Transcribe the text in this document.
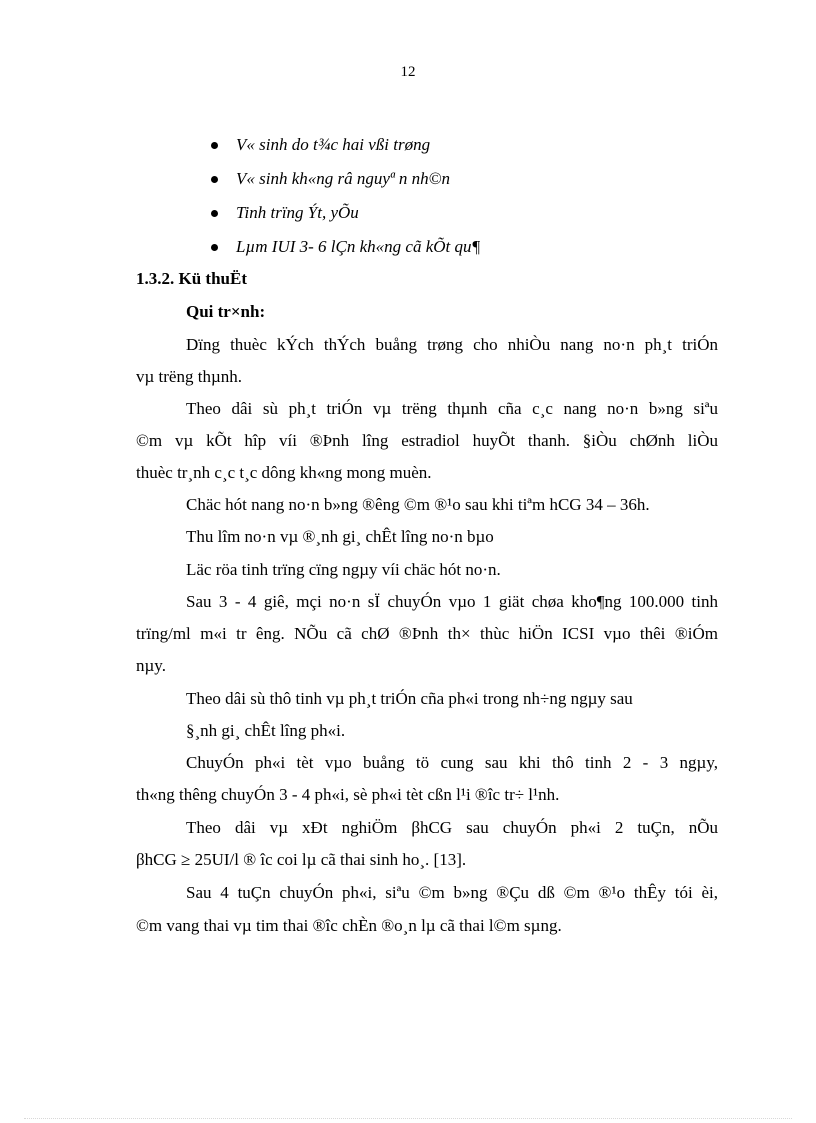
12
V« sinh do t¾c hai vßi trøng
V« sinh kh«ng râ nguyª n nh©n
Tinh trïng Ýt, yÕu
Lµm IUI 3- 6 lÇn kh«ng cã kÕt qu¶
1.3.2. Kü thuËt
Qui tr×nh:
Dïng thuèc kÝch thÝch buång trøng cho nhiÒu nang no·n ph¸t triÓn
vµ trëng thµnh.
Theo dâi sù ph¸t triÓn vµ trëng thµnh cña c¸c nang no·n b»ng siªu
©m vµ kÕt hîp víi ®Þnh lîng estradiol huyÕt thanh. §iÒu chØnh liÒu
thuèc tr¸nh c¸c t¸c dông kh«ng mong muèn.
Chäc hót nang no·n b»ng ®êng ©m ®¹o sau khi tiªm hCG 34 – 36h.
Thu lîm no·n vµ ®¸nh gi¸ chÊt lîng no·n bµo
Läc röa tinh trïng cïng ngµy víi chäc hót no·n.
Sau 3 - 4 giê, mçi no·n sÏ chuyÓn vµo 1 giät chøa kho¶ng 100.000 tinh
trïng/ml m«i tr êng. NÕu cã chØ ®Þnh th× thùc hiÖn ICSI vµo thêi ®iÓm
nµy.
Theo dâi sù thô tinh vµ ph¸t triÓn cña ph«i trong nh÷ng ngµy sau
§¸nh gi¸ chÊt lîng ph«i.
ChuyÓn ph«i tèt vµo buång tö cung sau khi thô tinh 2 - 3 ngµy,
th«ng thêng chuyÓn 3 - 4 ph«i, sè ph«i tèt cßn l¹i ®îc tr÷ l¹nh.
Theo dâi vµ xÐt nghiÖm βhCG sau chuyÓn ph«i 2 tuÇn, nÕu
βhCG ≥ 25UI/l ® îc coi lµ cã thai sinh ho¸. [13].
Sau 4 tuÇn chuyÓn ph«i, siªu ©m b»ng ®Çu dß ©m ®¹o thÊy tói èi,
©m vang thai vµ tim thai ®îc chÈn ®o¸n lµ cã thai l©m sµng.
